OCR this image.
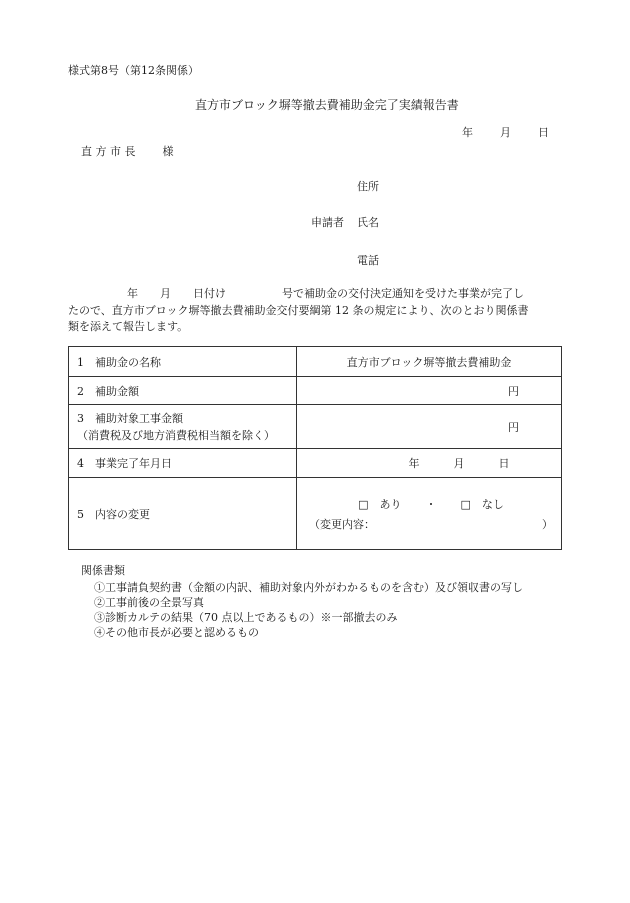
様式第8号（第12条関係）
直方市ブロック塀等撤去費補助金完了実績報告書
年 月 日
直 方 市 長 様
住所
申請者 氏名
電話
年 月 日付け	号で補助金の交付決定通知を受けた事業が完了し
たので、直方市ブロック塀等撤去費補助金交付要綱第 12 条の規定により、次のとおり関係書
類を添えて報告します。
1　補助金の名称	直方市ブロック塀等撤去費補助金
2　補助金額	円

3　補助対象工事金額
（消費税及び地方消費税相当額を除く）	円
4　事業完了年月日	年 月 日

5　内容の変更	□　あり ・ □　なし
（変更内容： ）
関係書類
①工事請負契約書（金額の内訳、補助対象内外がわかるものを含む）及び領収書の写し
②工事前後の全景写真
③診断カルテの結果（70 点以上であるもの）※一部撤去のみ
④その他市長が必要と認めるもの
